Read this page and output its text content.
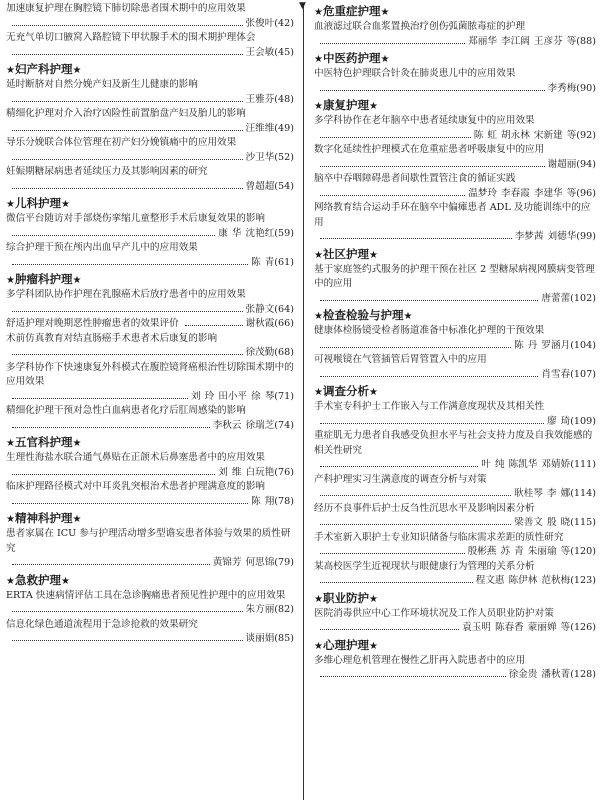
加速康复护理在胸腔镜下肺切除患者围术期中的应用效果
张俊叶(42)
无充气单切口腋窝入路腔镜下甲状腺手术的围术期护理体会
王会敏(45)
★妇产科护理★
延时断脐对自然分娩产妇及新生儿健康的影响
王雅芬(48)
精细化护理对介入治疗凶险性前置胎盘产妇及胎儿的影响
汪维维(49)
导乐分娩联合体位管理在初产妇分娩镇痛中的应用效果
沙卫华(52)
妊娠期糖尿病患者延续压力及其影响因素的研究
曾超超(54)
★儿科护理★
微信平台随访对手部烧伤挛缩儿童整形手术后康复效果的影响
康 华 沈艳红(59)
综合护理干预在颅内出血早产儿中的应用效果
陈 青(61)
★肿瘤科护理★
多学科团队协作护理在乳腺癌术后放疗患者中的应用效果
张静文(64)
舒适护理对晚期恶性肿瘤患者的效果评价	谢秋霞(66)
术前仿真教育对结直肠癌手术患者术后康复的影响
徐茂勤(68)
多学科协作下快速康复外科模式在腹腔镜肾癌根治性切除围术期中的应用效果
刘 玲 田小平 徐 琴(71)
精细化护理干预对急性白血病患者化疗后肛周感染的影响
李秋云 徐瑞芝(74)
★五官科护理★
生理性海盐水联合通气鼻贴在正颌术后鼻塞患者中的应用效果
刘 维 白玩艳(76)
临床护理路径模式对中耳炎乳突根治术患者护理满意度的影响
陈 翔(78)
★精神科护理★
患者家属在 ICU 参与护理活动增多型谵妄患者体验与效果的质性研究
黄锦芳 何思锦(79)
★急救护理★
ERTA 快速病情评估工具在急诊胸痛患者预见性护理中的应用效果
朱方丽(82)
信息化绿色通道流程用于急诊抢救的效果研究
谈丽娟(85)
▼
★危重症护理★
血液滤过联合血浆置换治疗创伤弧菌脓毒症的护理
郑丽华 李江阔 王彦芬 等(88)
★中医药护理★
中医特色护理联合针灸在肺炎患儿中的应用效果
李秀梅(90)
★康复护理★
多学科协作在老年脑卒中患者延续康复中的应用效果
陈 虹 胡永林 宋新建 等(92)
数字化延续性护理模式在危重症患者呼吸康复中的应用
谢超丽(94)
脑卒中吞咽障碍患者间歇性置管注食的循证实践
温梦玲 李春霞 李建华 等(96)
网络教育结合运动手环在脑卒中偏瘫患者 ADL 及功能训练中的应用
李梦茜 刘德华(99)
★社区护理★
基于家庭签约式服务的护理干预在社区 2 型糖尿病视网膜病变管理中的应用
唐蕾蕾(102)
★检查检验与护理★
健康体检肠镜受检者肠道准备中标准化护理的干预效果
陈 丹 罗涵月(104)
可视喉镜在气管插管后胃管置入中的应用
肖雪春(107)
★调查分析★
手术室专科护士工作嵌入与工作满意度现状及其相关性
廖 琦(109)
重症肌无力患者自我感受负担水平与社会支持力度及自我效能感的相关性研究
叶 纯 陈凯华 邓婧娇(111)
产科护理实习生满意度的调查分析与对策
耿桂琴 李 娜(114)
经历不良事件后护士反刍性沉思水平及影响因素分析
梁善文 殷 晓(115)
手术室新入职护士专业知识储备与临床需求差距的质性研究
殷彬燕 苏 青 朱丽瑜 等(120)
某高校医学生近视现状与眼健康行为管理的关系分析
程文惠 陈伊林 范秋梅(123)
★职业防护★
医院消毒供应中心工作环境状况及工作人员职业防护对策
袁玉明 陈春香 蒙丽婵 等(126)
★心理护理★
多维心理危机管理在慢性乙肝再入院患者中的应用
徐金贵 潘秋菁(128)
